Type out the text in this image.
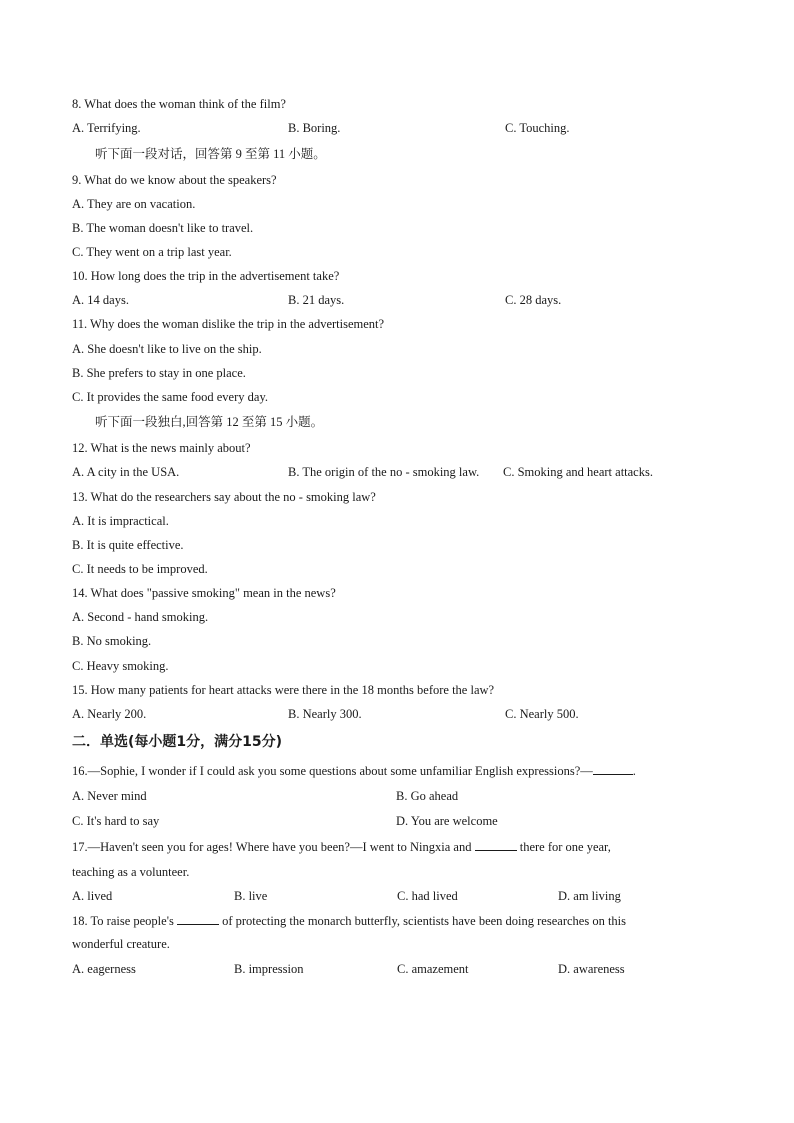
8. What does the woman think of the film?
A. Terrifying.	B. Boring.	C. Touching.
听下面一段对话，回答第 9 至第 11 小题。
9. What do we know about the speakers?
A. They are on vacation.
B. The woman doesn't like to travel.
C. They went on a trip last year.
10. How long does the trip in the advertisement take?
A. 14 days.	B. 21 days.	C. 28 days.
11. Why does the woman dislike the trip in the advertisement?
A. She doesn't like to live on the ship.
B. She prefers to stay in one place.
C. It provides the same food every day.
听下面一段独白,回答第 12 至第 15 小题。
12. What is the news mainly about?
A. A city in the USA.	B. The origin of the no - smoking law. C. Smoking and heart attacks.
13. What do the researchers say about the no - smoking law?
A. It is impractical.
B. It is quite effective.
C. It needs to be improved.
14. What does "passive smoking" mean in the news?
A. Second - hand smoking.
B. No smoking.
C. Heavy smoking.
15. How many patients for heart attacks were there in the 18 months before the law?
A. Nearly 200.	B. Nearly 300.	C. Nearly 500.
二．单选(每小题1分，满分15分)
16.—Sophie, I wonder if I could ask you some questions about some unfamiliar English expressions?—	.
A. Never mind	B. Go ahead
C. It's hard to say	D. You are welcome
17.—Haven't seen you for ages! Where have you been?—I went to Ningxia and	there for one year,
teaching as a volunteer.
A. lived	B. live	C. had lived	D. am living
18. To raise people's	of protecting the monarch butterfly, scientists have been doing researches on this
wonderful creature.
A. eagerness	B. impression	C. amazement	D. awareness
